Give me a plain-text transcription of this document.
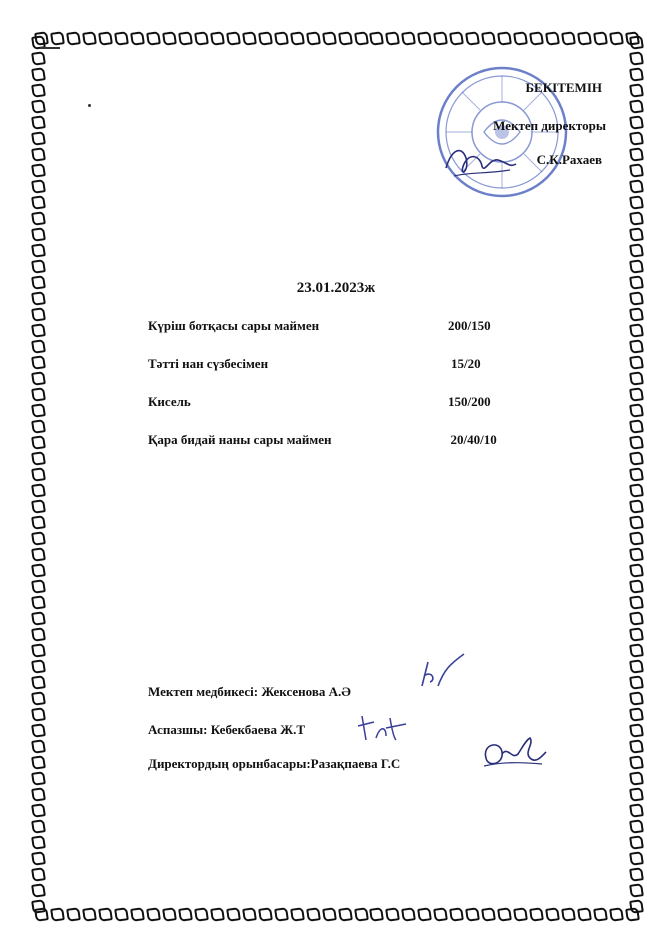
БЕКІТЕМІН
Мектеп директоры
С.К.Рахаев
23.01.2023ж
Күріш ботқасы сары маймен	200/150
Тәтті нан сүзбесімен	15/20
Кисель	150/200
Қара бидай наны сары маймен	20/40/10
Мектеп медбикесі: Жексенова А.Ә
Аспазшы: Кебекбаева Ж.Т
Директордың орынбасары:Разақпаева Г.С
